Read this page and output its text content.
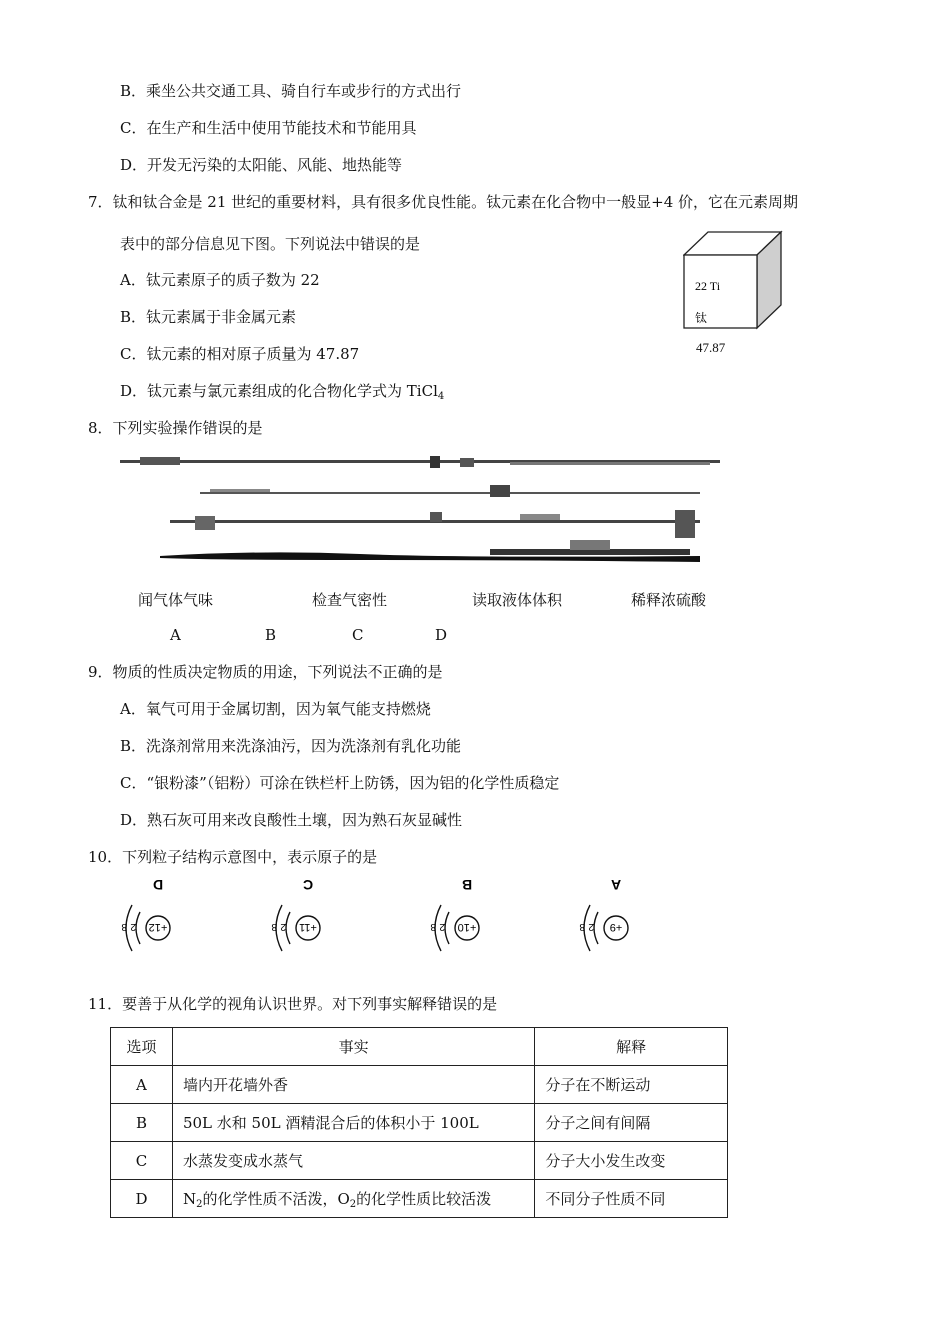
B．乘坐公共交通工具、骑自行车或步行的方式出行
C．在生产和生活中使用节能技术和节能用具
D．开发无污染的太阳能、风能、地热能等
7．钛和钛合金是 21 世纪的重要材料，具有很多优良性能。钛元素在化合物中一般显+4 价，它在元素周期
表中的部分信息见下图。下列说法中错误的是
A．钛元素原子的质子数为 22
B．钛元素属于非金属元素
C．钛元素的相对原子质量为 47.87
D．钛元素与氯元素组成的化合物化学式为 TiCl$_4$
22 Ti
钛
47.87
8．下列实验操作错误的是
闻气体气味	检查气密性	读取液体体积	稀释浓硫酸
A	B	C	D
9．物质的性质决定物质的用途，下列说法不正确的是
A．氧气可用于金属切割，因为氧气能支持燃烧
B．洗涤剂常用来洗涤油污，因为洗涤剂有乳化功能
C．“银粉漆”（铝粉）可涂在铁栏杆上防锈，因为铝的化学性质稳定
D．熟石灰可用来改良酸性土壤，因为熟石灰显碱性
10．下列粒子结构示意图中，表示原子的是
D
+12
2
8
C
+11
2
8
B
+10
2
8
A
+9
2
8
11．要善于从化学的视角认识世界。对下列事实解释错误的是
选项	事实	解释
A	墙内开花墙外香	分子在不断运动
B	50L 水和 50L 酒精混合后的体积小于 100L	分子之间有间隔
C	水蒸发变成水蒸气	分子大小发生改变
D	$N_2$的化学性质不活泼，$O_2$的化学性质比较活泼	不同分子性质不同
